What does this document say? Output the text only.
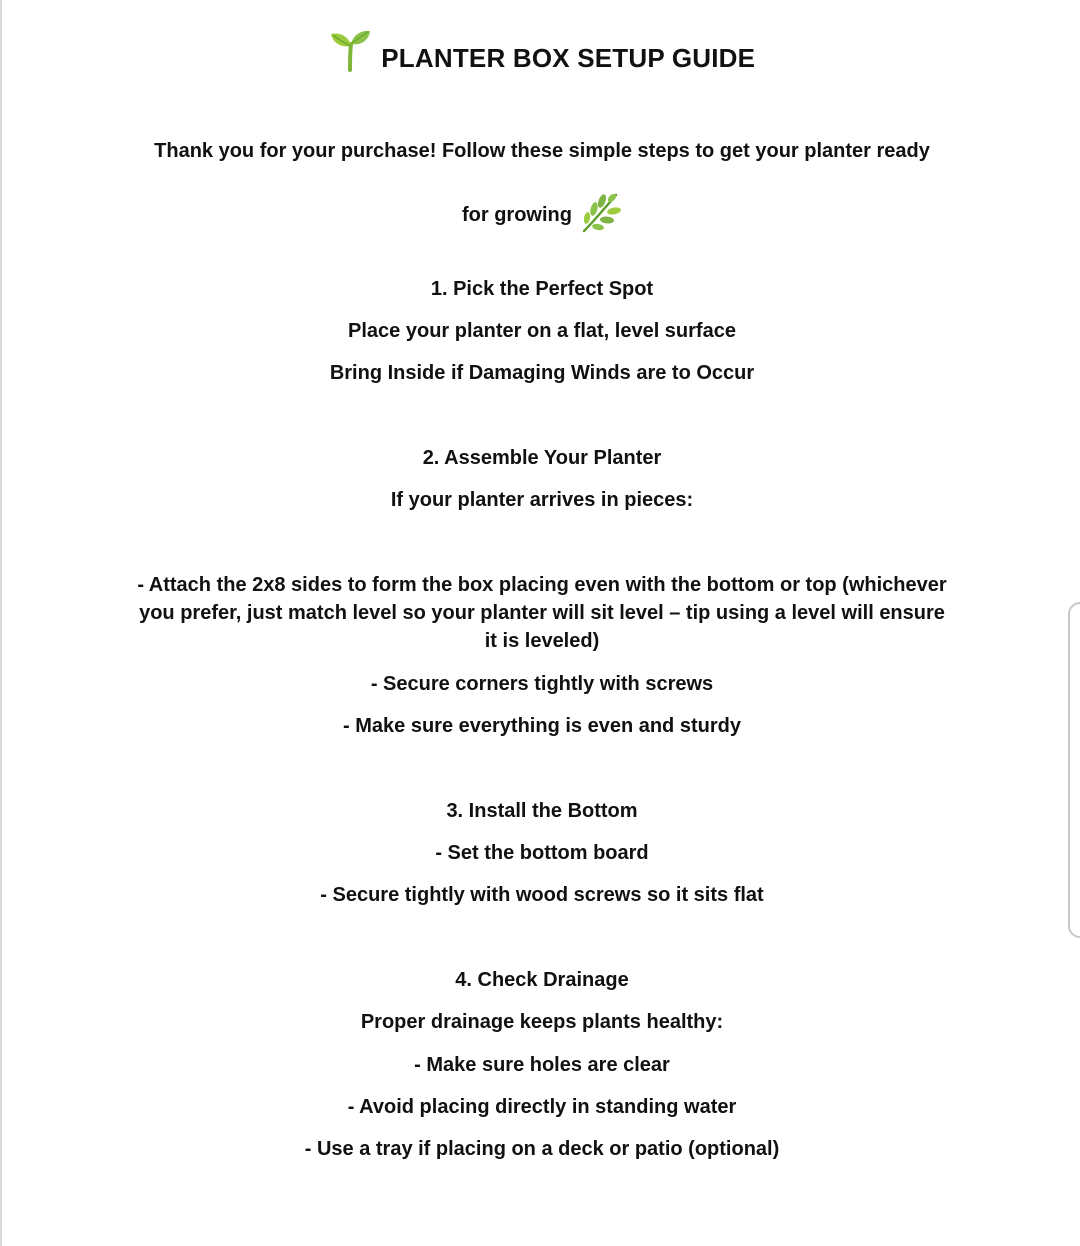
PLANTER BOX SETUP GUIDE
Thank you for your purchase! Follow these simple steps to get your planter ready
for growing
1. Pick the Perfect Spot
Place your planter on a flat, level surface
Bring Inside if Damaging Winds are to Occur
2. Assemble Your Planter
If your planter arrives in pieces:
- Attach the 2x8 sides to form the box placing even with the bottom or top (whichever you prefer, just match level so your planter will sit level – tip using a level will ensure it is leveled)
- Secure corners tightly with screws
- Make sure everything is even and sturdy
3. Install the Bottom
- Set the bottom board
- Secure tightly with wood screws so it sits flat
4. Check Drainage
Proper drainage keeps plants healthy:
- Make sure holes are clear
- Avoid placing directly in standing water
- Use a tray if placing on a deck or patio (optional)
